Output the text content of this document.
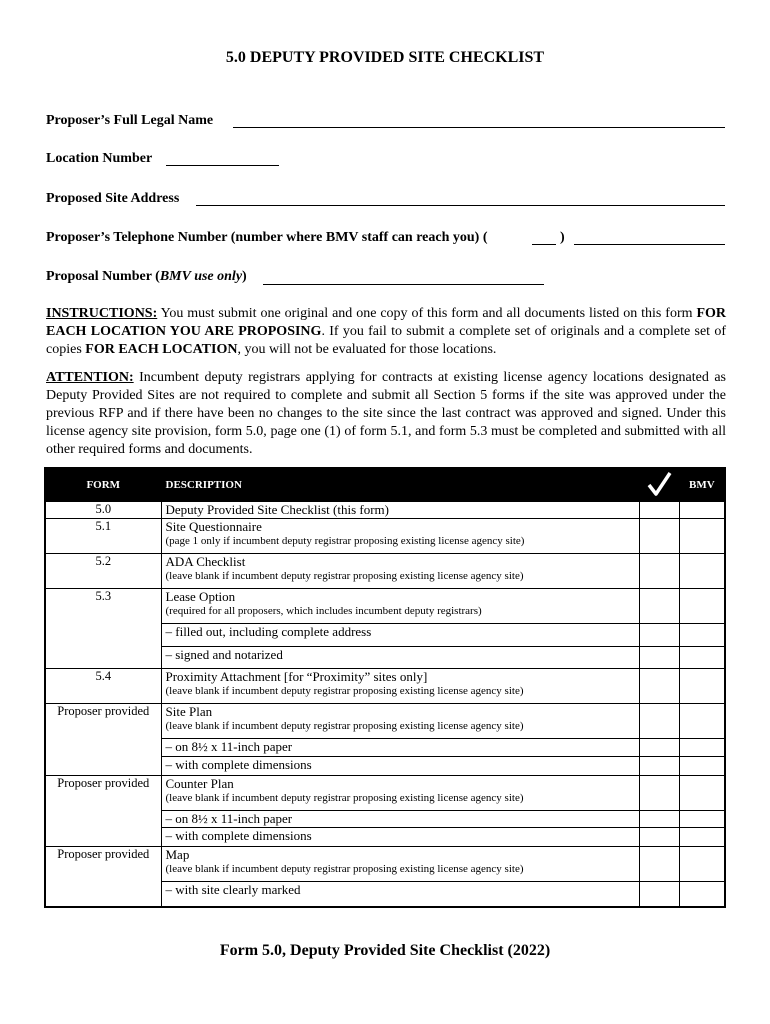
5.0 DEPUTY PROVIDED SITE CHECKLIST
Proposer’s Full Legal Name
Location Number
Proposed Site Address
Proposer’s Telephone Number (number where BMV staff can reach you) (	)
Proposal Number (BMV use only)
INSTRUCTIONS: You must submit one original and one copy of this form and all documents listed on this form FOR EACH LOCATION YOU ARE PROPOSING. If you fail to submit a complete set of originals and a complete set of copies FOR EACH LOCATION, you will not be evaluated for those locations.
ATTENTION: Incumbent deputy registrars applying for contracts at existing license agency locations designated as Deputy Provided Sites are not required to complete and submit all Section 5 forms if the site was approved under the previous RFP and if there have been no changes to the site since the last contract was approved and signed. Under this license agency site provision, form 5.0, page one (1) of form 5.1, and form 5.3 must be completed and submitted with all other required forms and documents.
FORM	DESCRIPTION		BMV
5.0	Deputy Provided Site Checklist (this form)		

5.1	Site Questionnaire
(page 1 only if incumbent deputy registrar proposing existing license agency site)		

5.2	ADA Checklist
(leave blank if incumbent deputy registrar proposing existing license agency site)		

5.3	Lease Option
(required for all proposers, which includes incumbent deputy registrars)		

	– filled out, including complete address		

	– signed and notarized		

5.4	Proximity Attachment [for “Proximity” sites only]
(leave blank if incumbent deputy registrar proposing existing license agency site)		

Proposer provided	Site Plan
(leave blank if incumbent deputy registrar proposing existing license agency site)		

	– on 8½ x 11-inch paper		

	– with complete dimensions		

Proposer provided	Counter Plan
(leave blank if incumbent deputy registrar proposing existing license agency site)		

	– on 8½ x 11-inch paper		

	– with complete dimensions		

Proposer provided	Map
(leave blank if incumbent deputy registrar proposing existing license agency site)		

	– with site clearly marked		

Form 5.0, Deputy Provided Site Checklist (2022)
